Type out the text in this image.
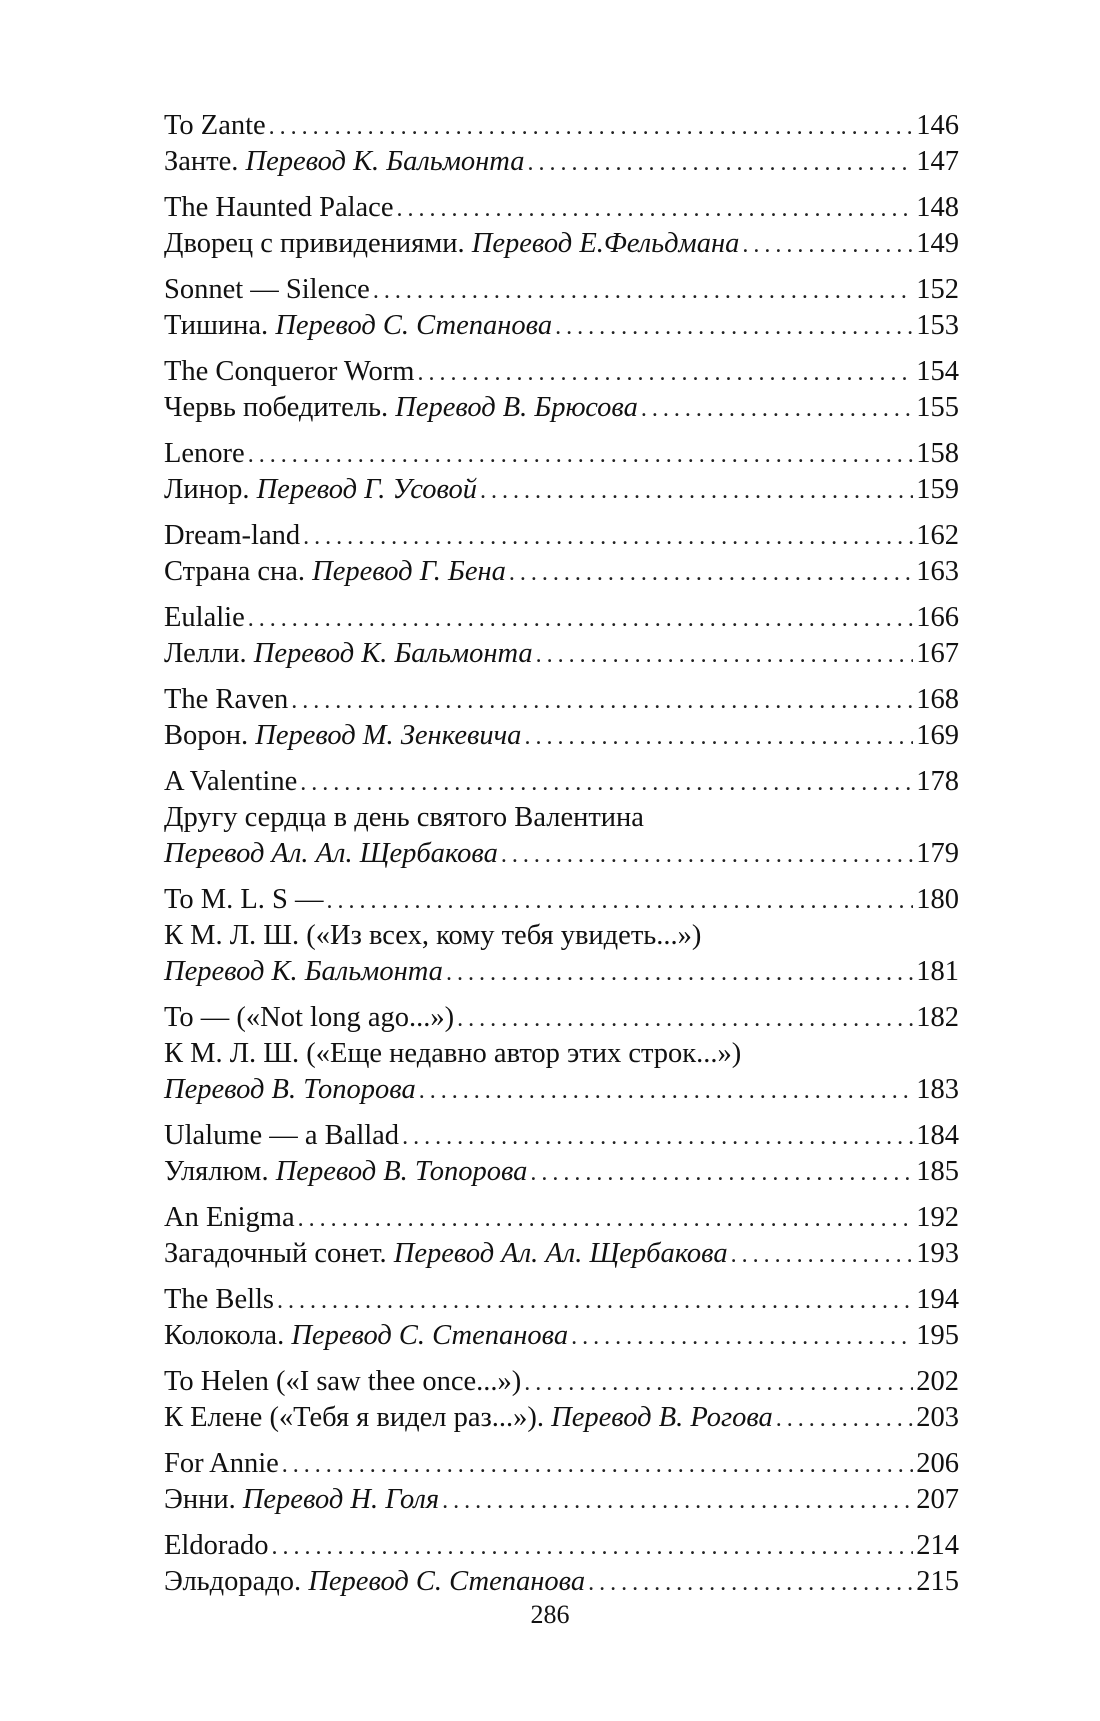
To Zante . . .	146
Занте. Перевод К. Бальмонта . . .	147
The Haunted Palace . . .	148
Дворец с привидениями. Перевод Е.Фельдмана . . .	149
Sonnet — Silence . . .	152
Тишина. Перевод С. Степанова . . .	153
The Conqueror Worm . . .	154
Червь победитель. Перевод В. Брюсова . . .	155
Lenore . . .	158
Линор. Перевод Г. Усовой . . .	159
Dream-land . . .	162
Страна сна. Перевод Г. Бена . . .	163
Eulalie . . .	166
Лелли. Перевод К. Бальмонта . . .	167
The Raven . . .	168
Ворон. Перевод М. Зенкевича . . .	169
A Valentine . . .	178
Другу сердца в день святого Валентина
Перевод Ал. Ал. Щербакова . . .	179
To M. L. S — . . .	180
К М. Л. Ш. («Из всех, кому тебя увидеть...»)
Перевод К. Бальмонта . . .	181
To — («Not long ago...») . . .	182
К М. Л. Ш. («Еще недавно автор этих строк...»)
Перевод В. Топорова . . .	183
Ulalume — a Ballad . . .	184
Улялюм. Перевод В. Топорова . . .	185
An Enigma . . .	192
Загадочный сонет. Перевод Ал. Ал. Щербакова . . .	193
The Bells . . .	194
Колокола. Перевод С. Степанова . . .	195
To Helen («I saw thee once...») . . .	202
К Елене («Тебя я видел раз...»). Перевод В. Рогова . . .	203
For Annie . . .	206
Энни. Перевод Н. Голя . . .	207
Eldorado . . .	214
Эльдорадо. Перевод С. Степанова . . .	215
286
